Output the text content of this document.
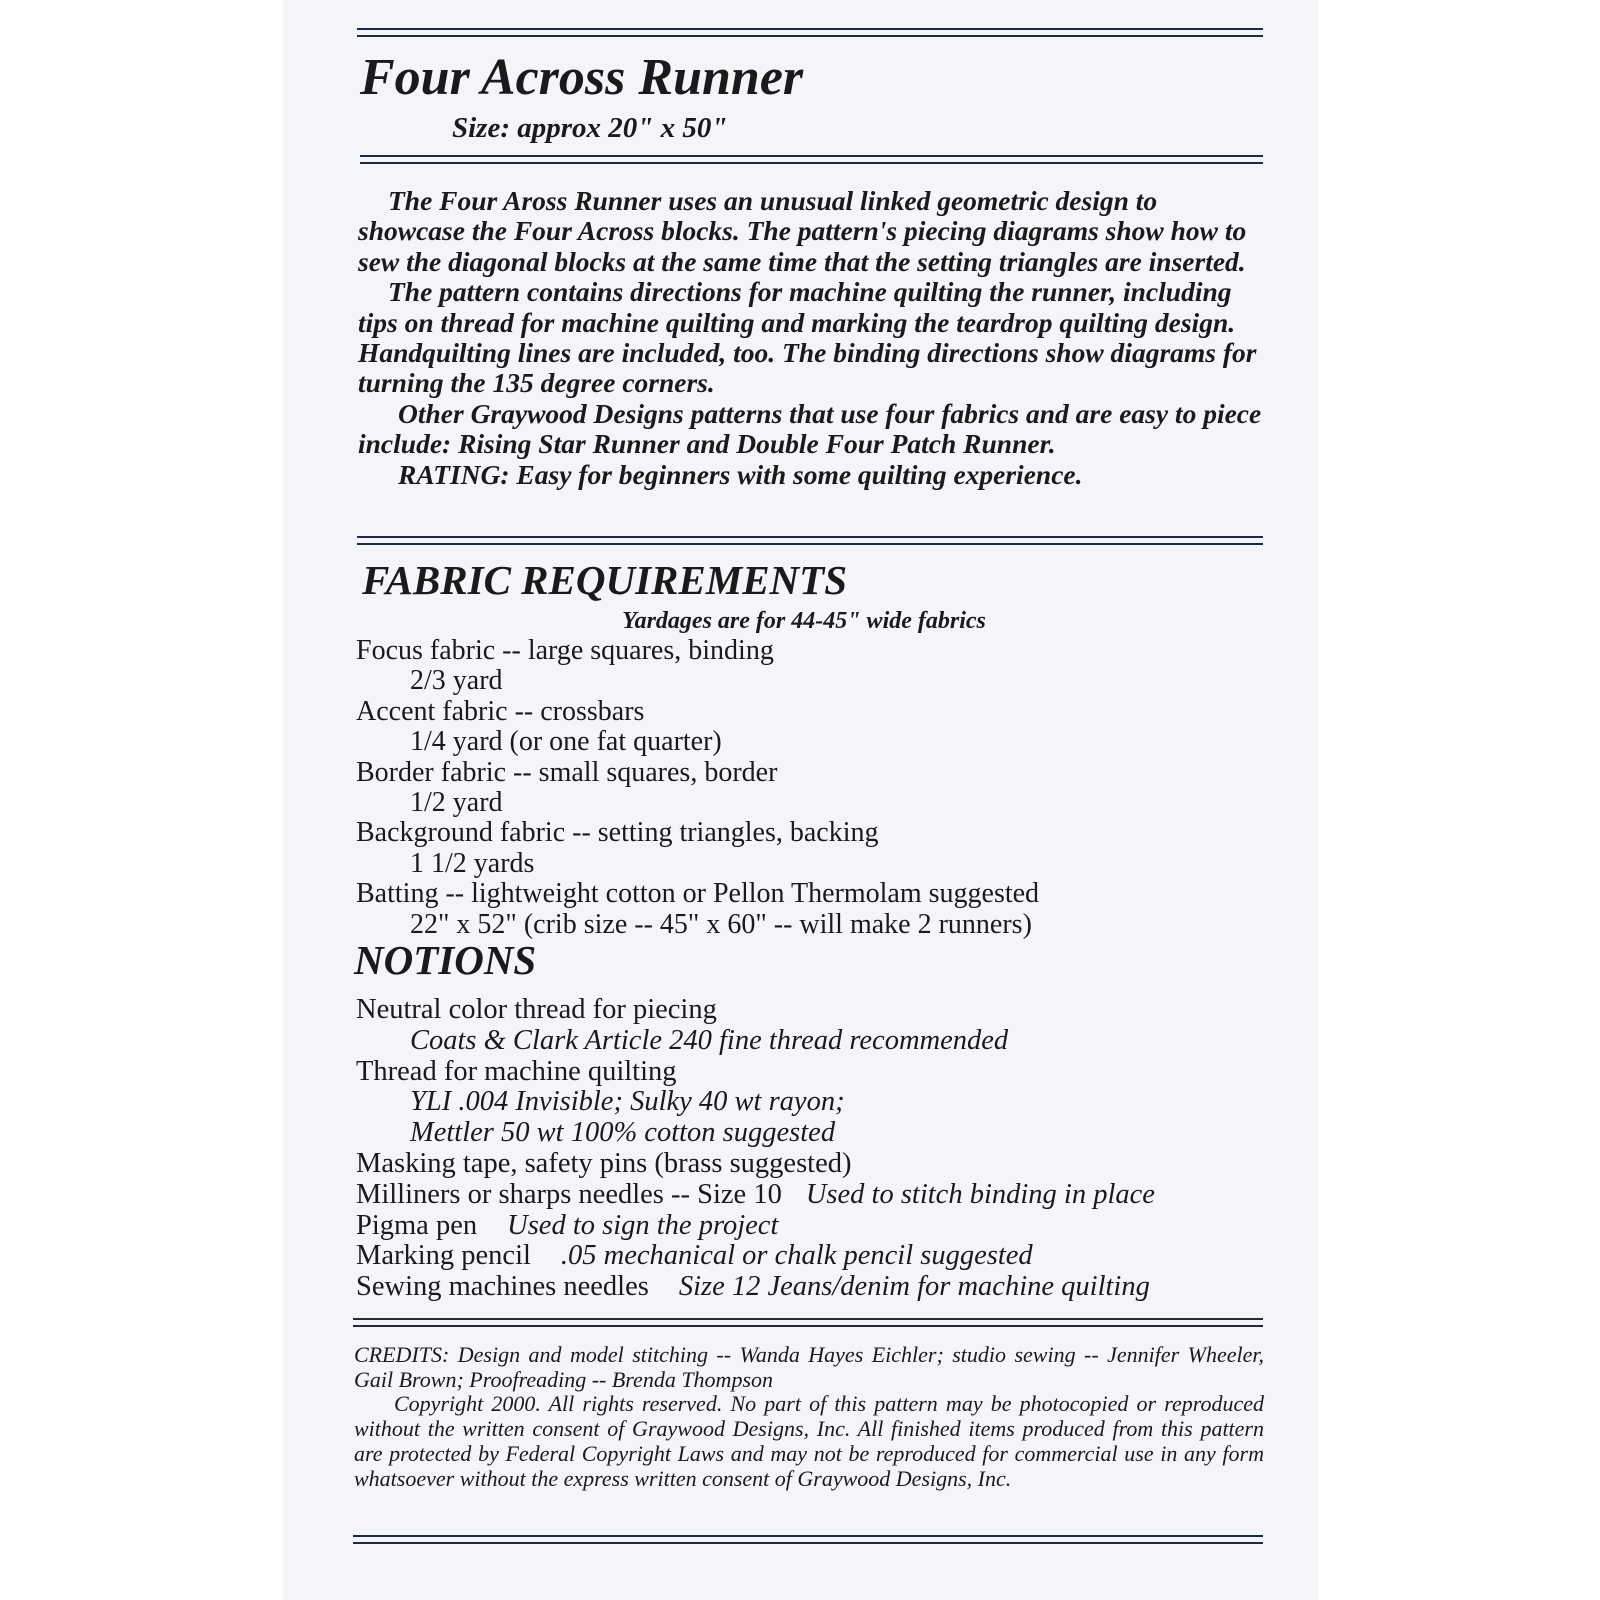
Four Across Runner
Size: approx 20" x 50"

The Four Aross Runner uses an unusual linked geometric design to showcase the Four Across blocks. The pattern's piecing diagrams show how to sew the diagonal blocks at the same time that the setting triangles are inserted.

The pattern contains directions for machine quilting the runner, including tips on thread for machine quilting and marking the teardrop quilting design. Handquilting lines are included, too. The binding directions show diagrams for turning the 135 degree corners.

Other Graywood Designs patterns that use four fabrics and are easy to piece include: Rising Star Runner and Double Four Patch Runner.

RATING: Easy for beginners with some quilting experience.

FABRIC REQUIREMENTS
Yardages are for 44-45" wide fabrics
Focus fabric -- large squares, binding
2/3 yard
Accent fabric -- crossbars
1/4 yard (or one fat quarter)
Border fabric -- small squares, border
1/2 yard
Background fabric -- setting triangles, backing
1 1/2 yards
Batting -- lightweight cotton or Pellon Thermolam suggested
22" x 52" (crib size -- 45" x 60" -- will make 2 runners)
NOTIONS
Neutral color thread for piecing
Coats & Clark Article 240 fine thread recommended
Thread for machine quilting
YLI .004 Invisible; Sulky 40 wt rayon;
Mettler 50 wt 100% cotton suggested
Masking tape, safety pins (brass suggested)
Milliners or sharps needles -- Size 10 Used to stitch binding in place
Pigma pen Used to sign the project
Marking pencil .05 mechanical or chalk pencil suggested
Sewing machines needles Size 12 Jeans/denim for machine quilting

CREDITS: Design and model stitching -- Wanda Hayes Eichler; studio sewing -- Jennifer Wheeler, Gail Brown; Proofreading -- Brenda Thompson

Copyright 2000. All rights reserved. No part of this pattern may be photocopied or reproduced without the written consent of Graywood Designs, Inc. All finished items produced from this pattern are protected by Federal Copyright Laws and may not be reproduced for commercial use in any form whatsoever without the express written consent of Graywood Designs, Inc.
